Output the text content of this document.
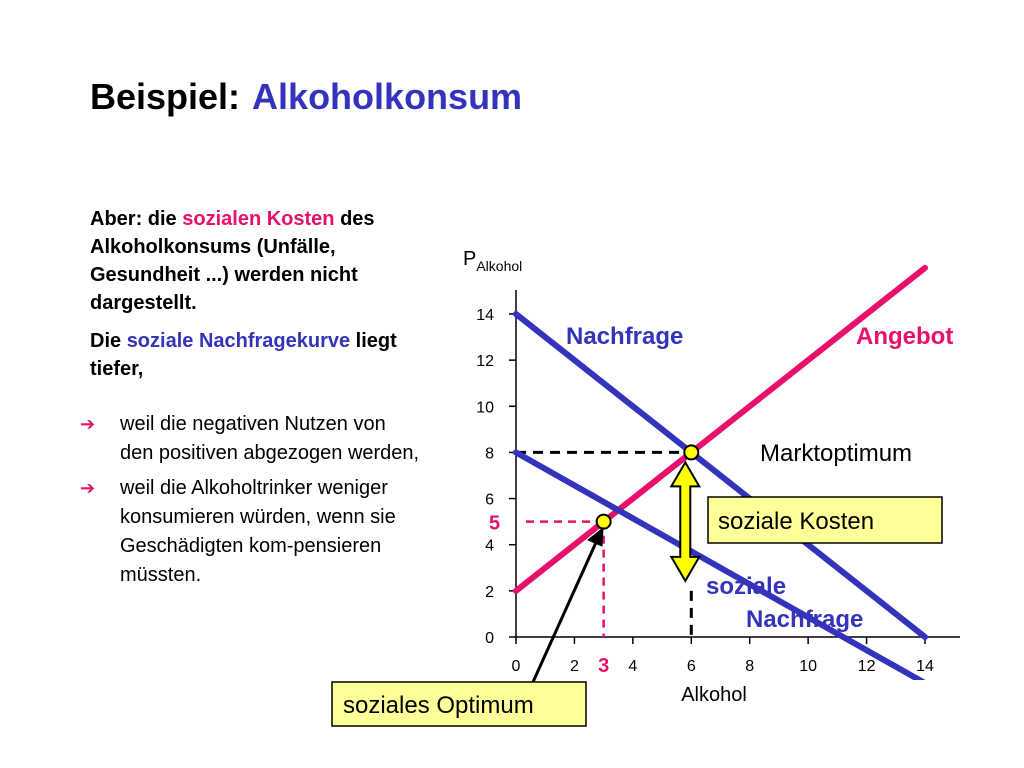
Beispiel: Alkoholkonsum

Aber: die sozialen Kosten des Alkoholkonsums (Unfälle, Gesundheit ...) werden nicht dargestellt.

Die soziale Nachfragekurve liegt tiefer,

➔ weil die negativen Nutzen von den positiven abgezogen werden,
➔ weil die Alkoholtrinker weniger konsumieren würden, wenn sie Geschädigten kom-pensieren müssten.
0
2
4
6
8
10
12
14
0	2	4	6	8	10	12	14
$P_{Alkohol}$
Alkohol
Nachfrage	Angebot
soziale
Nachfrage
5
3
Marktoptimum
soziale Kosten
soziales Optimum
